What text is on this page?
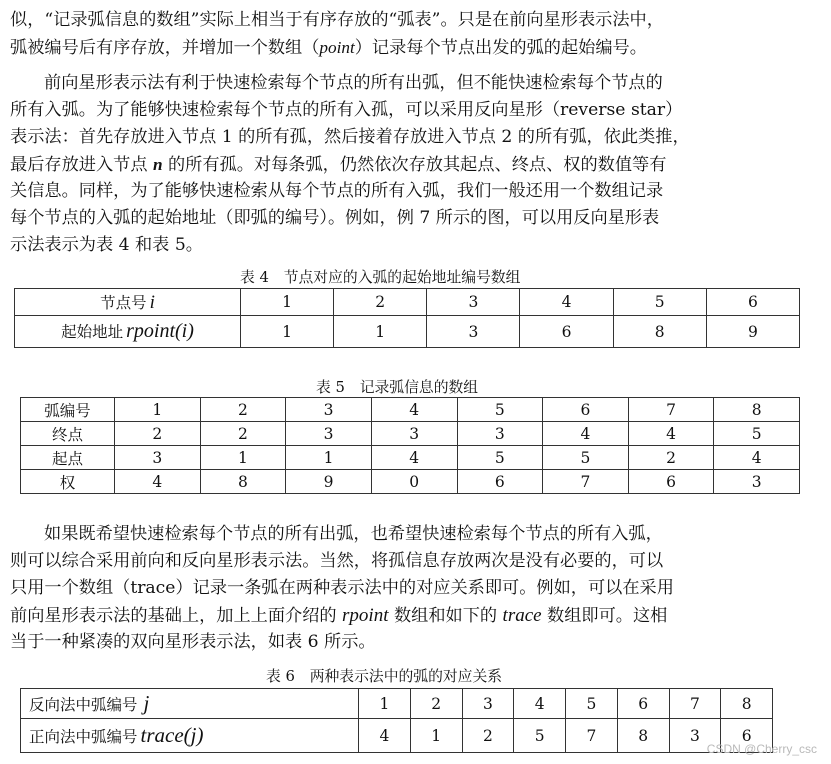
似，“记录弧信息的数组”实际上相当于有序存放的“弧表”。只是在前向星形表示法中，
弧被编号后有序存放，并增加一个数组（point）记录每个节点出发的弧的起始编号。
前向星形表示法有利于快速检索每个节点的所有出弧，但不能快速检索每个节点的
所有入弧。为了能够快速检索每个节点的所有入孤，可以采用反向星形（reverse star）
表示法：首先存放进入节点 1 的所有孤，然后接着存放进入节点 2 的所有弧，依此类推，
最后存放进入节点 n 的所有孤。对每条弧，仍然依次存放其起点、终点、权的数值等有
关信息。同样，为了能够快速检索从每个节点的所有入弧，我们一般还用一个数组记录
每个节点的入弧的起始地址（即弧的编号）。例如，例 7 所示的图，可以用反向星形表
示法表示为表 4 和表 5。
表 4　节点对应的入弧的起始地址编号数组
节点号 i	1	2	3	4	5	6
起始地址 rpoint(i)	1	1	3	6	8	9
表 5　记录弧信息的数组
弧编号	1	2	3	4	5	6	7	8
终点	2	2	3	3	3	4	4	5
起点	3	1	1	4	5	5	2	4
权	4	8	9	0	6	7	6	3
如果既希望快速检索每个节点的所有出弧，也希望快速检索每个节点的所有入弧，
则可以综合采用前向和反向星形表示法。当然，将孤信息存放两次是没有必要的，可以
只用一个数组（trace）记录一条弧在两种表示法中的对应关系即可。例如，可以在采用
前向星形表示法的基础上，加上上面介绍的 rpoint 数组和如下的 trace 数组即可。这相
当于一种紧凑的双向星形表示法，如表 6 所示。
表 6　两种表示法中的弧的对应关系
反向法中弧编号 j	1	2	3	4	5	6	7	8
正向法中弧编号 trace(j)	4	1	2	5	7	8	3	6
CSDN @Cherry_csc
